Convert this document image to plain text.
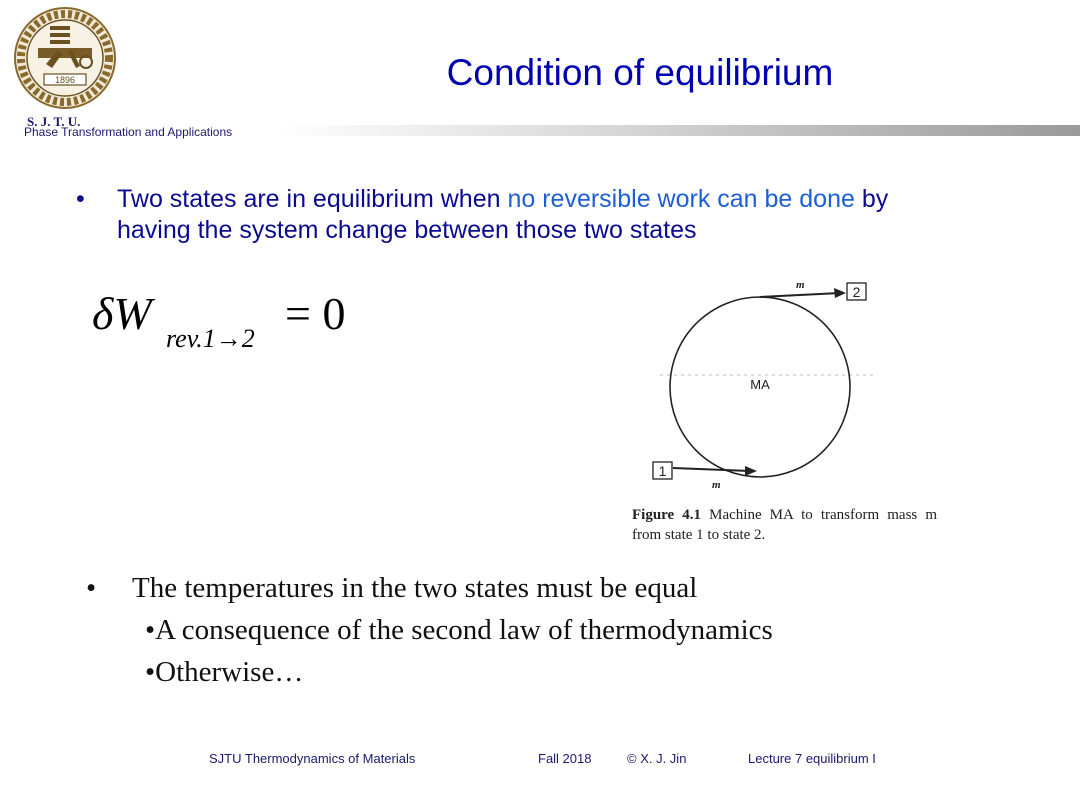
1896
S. J. T. U.
Phase Transformation and Applications
Condition of equilibrium
• Two states are in equilibrium when no reversible work can be done by having the system change between those two states
δW rev.1→2 = 0	2
m
MA
1
m
Figure 4.1 Machine MA to transform mass m from state 1 to state 2.
• The temperatures in the two states must be equal
•A consequence of the second law of thermodynamics
•Otherwise…
SJTU Thermodynamics of Materials	Fall 2018	© X. J. Jin	Lecture 7 equilibrium I
